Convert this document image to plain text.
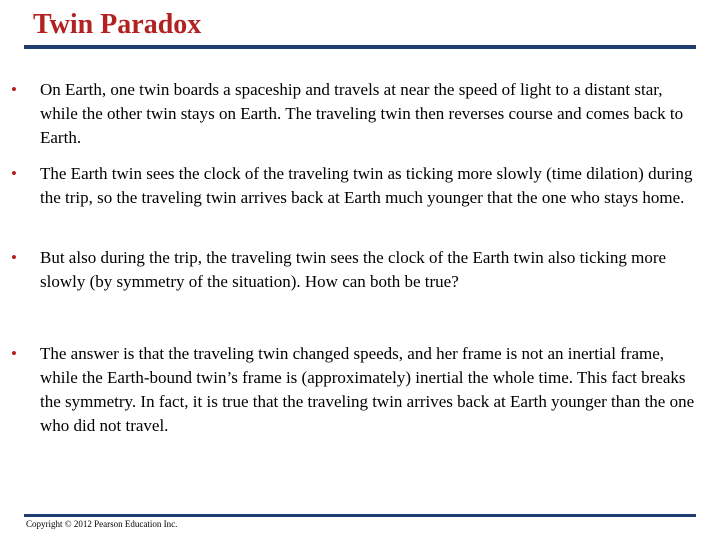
Twin Paradox
• On Earth, one twin boards a spaceship and travels at near the speed of light to a distant star, while the other twin stays on Earth. The traveling twin then reverses course and comes back to Earth.
• The Earth twin sees the clock of the traveling twin as ticking more slowly (time dilation) during the trip, so the traveling twin arrives back at Earth much younger that the one who stays home.
• But also during the trip, the traveling twin sees the clock of the Earth twin also ticking more slowly (by symmetry of the situation). How can both be true?
• The answer is that the traveling twin changed speeds, and her frame is not an inertial frame, while the Earth-bound twin’s frame is (approximately) inertial the whole time. This fact breaks the symmetry. In fact, it is true that the traveling twin arrives back at Earth younger than the one who did not travel.
Copyright © 2012 Pearson Education Inc.
